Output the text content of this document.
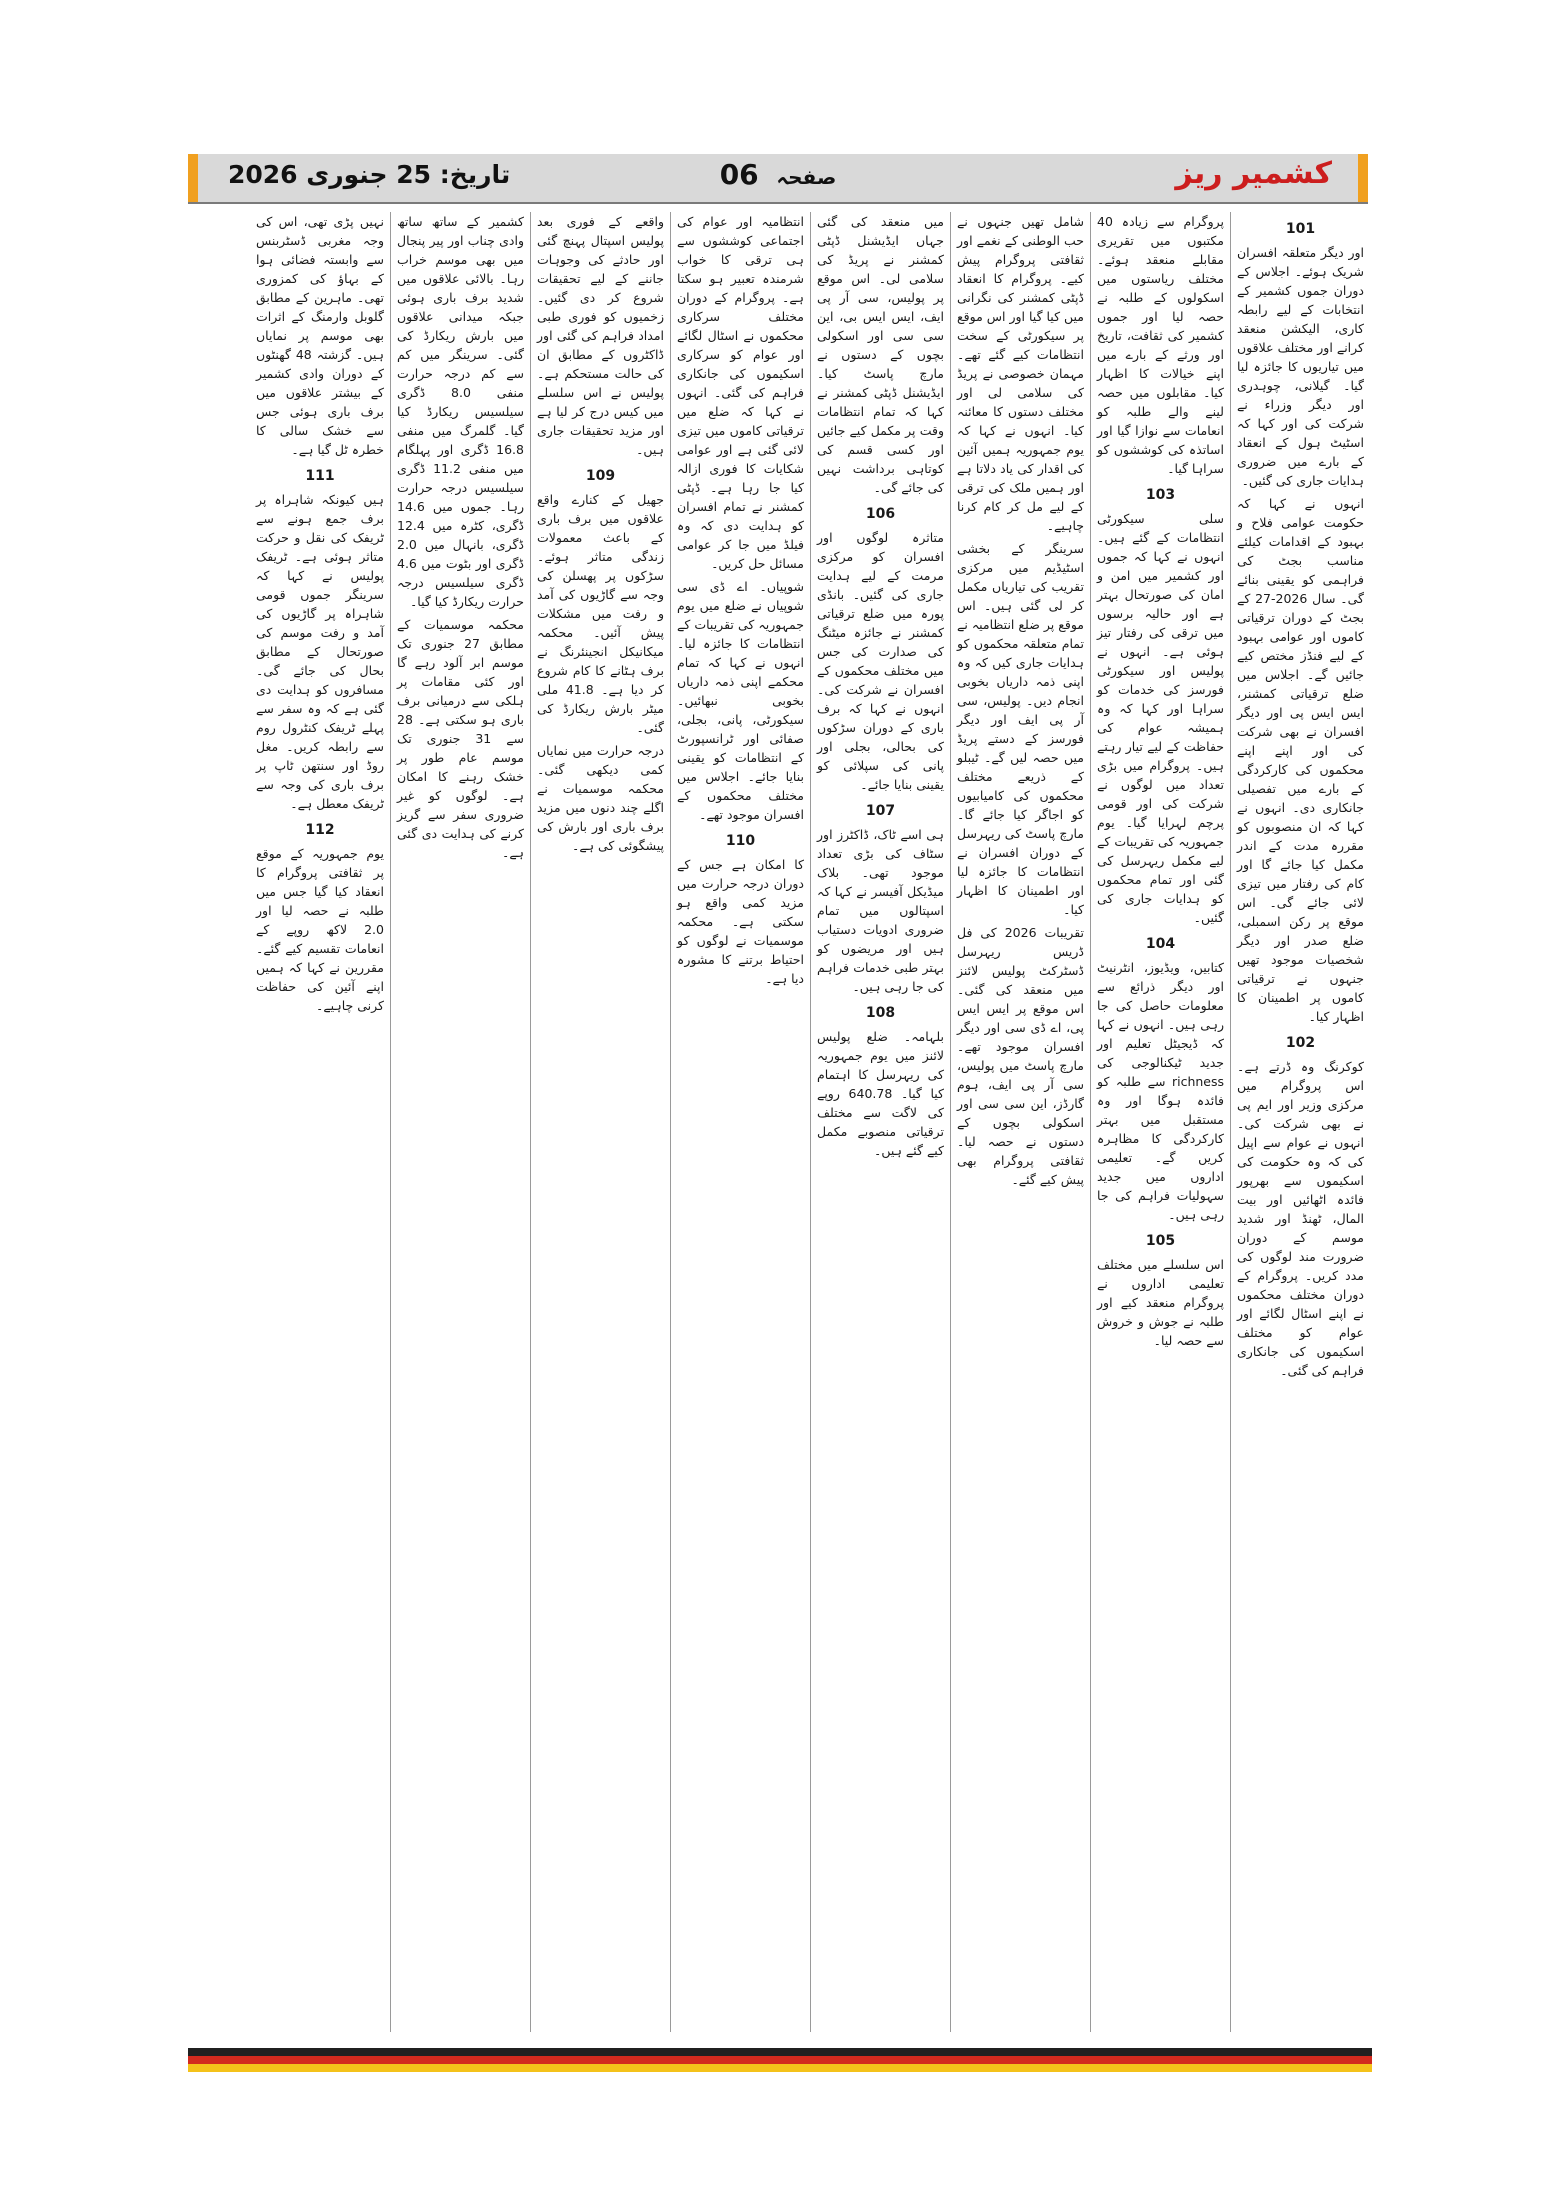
تاریخ: 25 جنوری 2026	06 صفحہ	کشمیر ریز
101

اور دیگر متعلقہ افسران شریک ہوئے۔ اجلاس کے دوران جموں کشمیر کے انتخابات کے لیے رابطہ کاری، الیکشن منعقد کرانے اور مختلف علاقوں میں تیاریوں کا جائزہ لیا گیا۔ گیلانی، چوہدری اور دیگر وزراء نے شرکت کی اور کہا کہ اسٹیٹ ہول کے انعقاد کے بارے میں ضروری ہدایات جاری کی گئیں۔

انہوں نے کہا کہ حکومت عوامی فلاح و بہبود کے اقدامات کیلئے مناسب بجٹ کی فراہمی کو یقینی بنائے گی۔ سال 2026-27 کے بجٹ کے دوران ترقیاتی کاموں اور عوامی بہبود کے لیے فنڈز مختص کیے جائیں گے۔ اجلاس میں ضلع ترقیاتی کمشنر، ایس ایس پی اور دیگر افسران نے بھی شرکت کی اور اپنے اپنے محکموں کی کارکردگی کے بارے میں تفصیلی جانکاری دی۔ انہوں نے کہا کہ ان منصوبوں کو مقررہ مدت کے اندر مکمل کیا جائے گا اور کام کی رفتار میں تیزی لائی جائے گی۔ اس موقع پر رکن اسمبلی، ضلع صدر اور دیگر شخصیات موجود تھیں جنہوں نے ترقیاتی کاموں پر اطمینان کا اظہار کیا۔

102

کوکرنگ وہ ڈرتے ہے۔ اس پروگرام میں مرکزی وزیر اور ایم پی نے بھی شرکت کی۔ انہوں نے عوام سے اپیل کی کہ وہ حکومت کی اسکیموں سے بھرپور فائدہ اٹھائیں اور بیت المال، ٹھنڈ اور شدید موسم کے دوران ضرورت مند لوگوں کی مدد کریں۔ پروگرام کے دوران مختلف محکموں نے اپنے اسٹال لگائے اور عوام کو مختلف اسکیموں کی جانکاری فراہم کی گئی۔

پروگرام سے زیادہ 40 مکتبوں میں تقریری مقابلے منعقد ہوئے۔ مختلف ریاستوں میں اسکولوں کے طلبہ نے حصہ لیا اور جموں کشمیر کی ثقافت، تاریخ اور ورثے کے بارے میں اپنے خیالات کا اظہار کیا۔ مقابلوں میں حصہ لینے والے طلبہ کو انعامات سے نوازا گیا اور اساتذہ کی کوششوں کو سراہا گیا۔

103

سلی سیکورٹی انتظامات کے گئے ہیں۔ انہوں نے کہا کہ جموں اور کشمیر میں امن و امان کی صورتحال بہتر ہے اور حالیہ برسوں میں ترقی کی رفتار تیز ہوئی ہے۔ انہوں نے پولیس اور سیکورٹی فورسز کی خدمات کو سراہا اور کہا کہ وہ ہمیشہ عوام کی حفاظت کے لیے تیار رہتے ہیں۔ پروگرام میں بڑی تعداد میں لوگوں نے شرکت کی اور قومی پرچم لہرایا گیا۔ یوم جمہوریہ کی تقریبات کے لیے مکمل ریہرسل کی گئی اور تمام محکموں کو ہدایات جاری کی گئیں۔

104

کتابیں، ویڈیوز، انٹرنیٹ اور دیگر ذرائع سے معلومات حاصل کی جا رہی ہیں۔ انہوں نے کہا کہ ڈیجیٹل تعلیم اور جدید ٹیکنالوجی کی richness سے طلبہ کو فائدہ ہوگا اور وہ مستقبل میں بہتر کارکردگی کا مظاہرہ کریں گے۔ تعلیمی اداروں میں جدید سہولیات فراہم کی جا رہی ہیں۔

105

اس سلسلے میں مختلف تعلیمی اداروں نے پروگرام منعقد کیے اور طلبہ نے جوش و خروش سے حصہ لیا۔

شامل تھیں جنہوں نے حب الوطنی کے نغمے اور ثقافتی پروگرام پیش کیے۔ پروگرام کا انعقاد ڈپٹی کمشنر کی نگرانی میں کیا گیا اور اس موقع پر سیکورٹی کے سخت انتظامات کیے گئے تھے۔ مہمان خصوصی نے پریڈ کی سلامی لی اور مختلف دستوں کا معائنہ کیا۔ انہوں نے کہا کہ یوم جمہوریہ ہمیں آئین کی اقدار کی یاد دلاتا ہے اور ہمیں ملک کی ترقی کے لیے مل کر کام کرنا چاہیے۔

سرینگر کے بخشی اسٹیڈیم میں مرکزی تقریب کی تیاریاں مکمل کر لی گئی ہیں۔ اس موقع پر ضلع انتظامیہ نے تمام متعلقہ محکموں کو ہدایات جاری کیں کہ وہ اپنی ذمہ داریاں بخوبی انجام دیں۔ پولیس، سی آر پی ایف اور دیگر فورسز کے دستے پریڈ میں حصہ لیں گے۔ ٹیبلو کے ذریعے مختلف محکموں کی کامیابیوں کو اجاگر کیا جائے گا۔ مارچ پاسٹ کی ریہرسل کے دوران افسران نے انتظامات کا جائزہ لیا اور اطمینان کا اظہار کیا۔

تقریبات 2026 کی فل ڈریس ریہرسل ڈسٹرکٹ پولیس لائنز میں منعقد کی گئی۔ اس موقع پر ایس ایس پی، اے ڈی سی اور دیگر افسران موجود تھے۔ مارچ پاسٹ میں پولیس، سی آر پی ایف، ہوم گارڈز، این سی سی اور اسکولی بچوں کے دستوں نے حصہ لیا۔ ثقافتی پروگرام بھی پیش کیے گئے۔

میں منعقد کی گئی جہاں ایڈیشنل ڈپٹی کمشنر نے پریڈ کی سلامی لی۔ اس موقع پر پولیس، سی آر پی ایف، ایس ایس بی، این سی سی اور اسکولی بچوں کے دستوں نے مارچ پاسٹ کیا۔ ایڈیشنل ڈپٹی کمشنر نے کہا کہ تمام انتظامات وقت پر مکمل کیے جائیں اور کسی قسم کی کوتاہی برداشت نہیں کی جائے گی۔

106

متاثرہ لوگوں اور افسران کو مرکزی مرمت کے لیے ہدایت جاری کی گئیں۔ بانڈی پورہ میں ضلع ترقیاتی کمشنر نے جائزہ میٹنگ کی صدارت کی جس میں مختلف محکموں کے افسران نے شرکت کی۔ انہوں نے کہا کہ برف باری کے دوران سڑکوں کی بحالی، بجلی اور پانی کی سپلائی کو یقینی بنایا جائے۔

107

ہی اسے ٹاک، ڈاکٹرز اور سٹاف کی بڑی تعداد موجود تھی۔ بلاک میڈیکل آفیسر نے کہا کہ اسپتالوں میں تمام ضروری ادویات دستیاب ہیں اور مریضوں کو بہتر طبی خدمات فراہم کی جا رہی ہیں۔

108

بلہامہ۔ ضلع پولیس لائنز میں یوم جمہوریہ کی ریہرسل کا اہتمام کیا گیا۔ 640.78 روپے کی لاگت سے مختلف ترقیاتی منصوبے مکمل کیے گئے ہیں۔

انتظامیہ اور عوام کی اجتماعی کوششوں سے ہی ترقی کا خواب شرمندہ تعبیر ہو سکتا ہے۔ پروگرام کے دوران مختلف سرکاری محکموں نے اسٹال لگائے اور عوام کو سرکاری اسکیموں کی جانکاری فراہم کی گئی۔ انہوں نے کہا کہ ضلع میں ترقیاتی کاموں میں تیزی لائی گئی ہے اور عوامی شکایات کا فوری ازالہ کیا جا رہا ہے۔ ڈپٹی کمشنر نے تمام افسران کو ہدایت دی کہ وہ فیلڈ میں جا کر عوامی مسائل حل کریں۔

شوپیاں۔ اے ڈی سی شوپیاں نے ضلع میں یوم جمہوریہ کی تقریبات کے انتظامات کا جائزہ لیا۔ انہوں نے کہا کہ تمام محکمے اپنی ذمہ داریاں بخوبی نبھائیں۔ سیکورٹی، پانی، بجلی، صفائی اور ٹرانسپورٹ کے انتظامات کو یقینی بنایا جائے۔ اجلاس میں مختلف محکموں کے افسران موجود تھے۔

110

کا امکان ہے جس کے دوران درجہ حرارت میں مزید کمی واقع ہو سکتی ہے۔ محکمہ موسمیات نے لوگوں کو احتیاط برتنے کا مشورہ دیا ہے۔

واقعے کے فوری بعد پولیس اسپتال پہنچ گئی اور حادثے کی وجوہات جاننے کے لیے تحقیقات شروع کر دی گئیں۔ زخمیوں کو فوری طبی امداد فراہم کی گئی اور ڈاکٹروں کے مطابق ان کی حالت مستحکم ہے۔ پولیس نے اس سلسلے میں کیس درج کر لیا ہے اور مزید تحقیقات جاری ہیں۔

109

جھیل کے کنارے واقع علاقوں میں برف باری کے باعث معمولات زندگی متاثر ہوئے۔ سڑکوں پر پھسلن کی وجہ سے گاڑیوں کی آمد و رفت میں مشکلات پیش آئیں۔ محکمہ میکانیکل انجینئرنگ نے برف ہٹانے کا کام شروع کر دیا ہے۔ 41.8 ملی میٹر بارش ریکارڈ کی گئی۔

درجہ حرارت میں نمایاں کمی دیکھی گئی۔ محکمہ موسمیات نے اگلے چند دنوں میں مزید برف باری اور بارش کی پیشگوئی کی ہے۔

کشمیر کے ساتھ ساتھ وادی چناب اور پیر پنجال میں بھی موسم خراب رہا۔ بالائی علاقوں میں شدید برف باری ہوئی جبکہ میدانی علاقوں میں بارش ریکارڈ کی گئی۔ سرینگر میں کم سے کم درجہ حرارت منفی 8.0 ڈگری سیلسیس ریکارڈ کیا گیا۔ گلمرگ میں منفی 16.8 ڈگری اور پہلگام میں منفی 11.2 ڈگری سیلسیس درجہ حرارت رہا۔ جموں میں 14.6 ڈگری، کٹرہ میں 12.4 ڈگری، بانہال میں 2.0 ڈگری اور بٹوت میں 4.6 ڈگری سیلسیس درجہ حرارت ریکارڈ کیا گیا۔

محکمہ موسمیات کے مطابق 27 جنوری تک موسم ابر آلود رہے گا اور کئی مقامات پر ہلکی سے درمیانی برف باری ہو سکتی ہے۔ 28 سے 31 جنوری تک موسم عام طور پر خشک رہنے کا امکان ہے۔ لوگوں کو غیر ضروری سفر سے گریز کرنے کی ہدایت دی گئی ہے۔

نہیں پڑی تھی، اس کی وجہ مغربی ڈسٹربنس سے وابستہ فضائی ہوا کے بہاؤ کی کمزوری تھی۔ ماہرین کے مطابق گلوبل وارمنگ کے اثرات بھی موسم پر نمایاں ہیں۔ گزشتہ 48 گھنٹوں کے دوران وادی کشمیر کے بیشتر علاقوں میں برف باری ہوئی جس سے خشک سالی کا خطرہ ٹل گیا ہے۔

111

ہیں کیونکہ شاہراہ پر برف جمع ہونے سے ٹریفک کی نقل و حرکت متاثر ہوئی ہے۔ ٹریفک پولیس نے کہا کہ سرینگر جموں قومی شاہراہ پر گاڑیوں کی آمد و رفت موسم کی صورتحال کے مطابق بحال کی جائے گی۔ مسافروں کو ہدایت دی گئی ہے کہ وہ سفر سے پہلے ٹریفک کنٹرول روم سے رابطہ کریں۔ مغل روڈ اور سنتھن ٹاپ پر برف باری کی وجہ سے ٹریفک معطل ہے۔

112

یوم جمہوریہ کے موقع پر ثقافتی پروگرام کا انعقاد کیا گیا جس میں طلبہ نے حصہ لیا اور 2.0 لاکھ روپے کے انعامات تقسیم کیے گئے۔ مقررین نے کہا کہ ہمیں اپنے آئین کی حفاظت کرنی چاہیے۔
